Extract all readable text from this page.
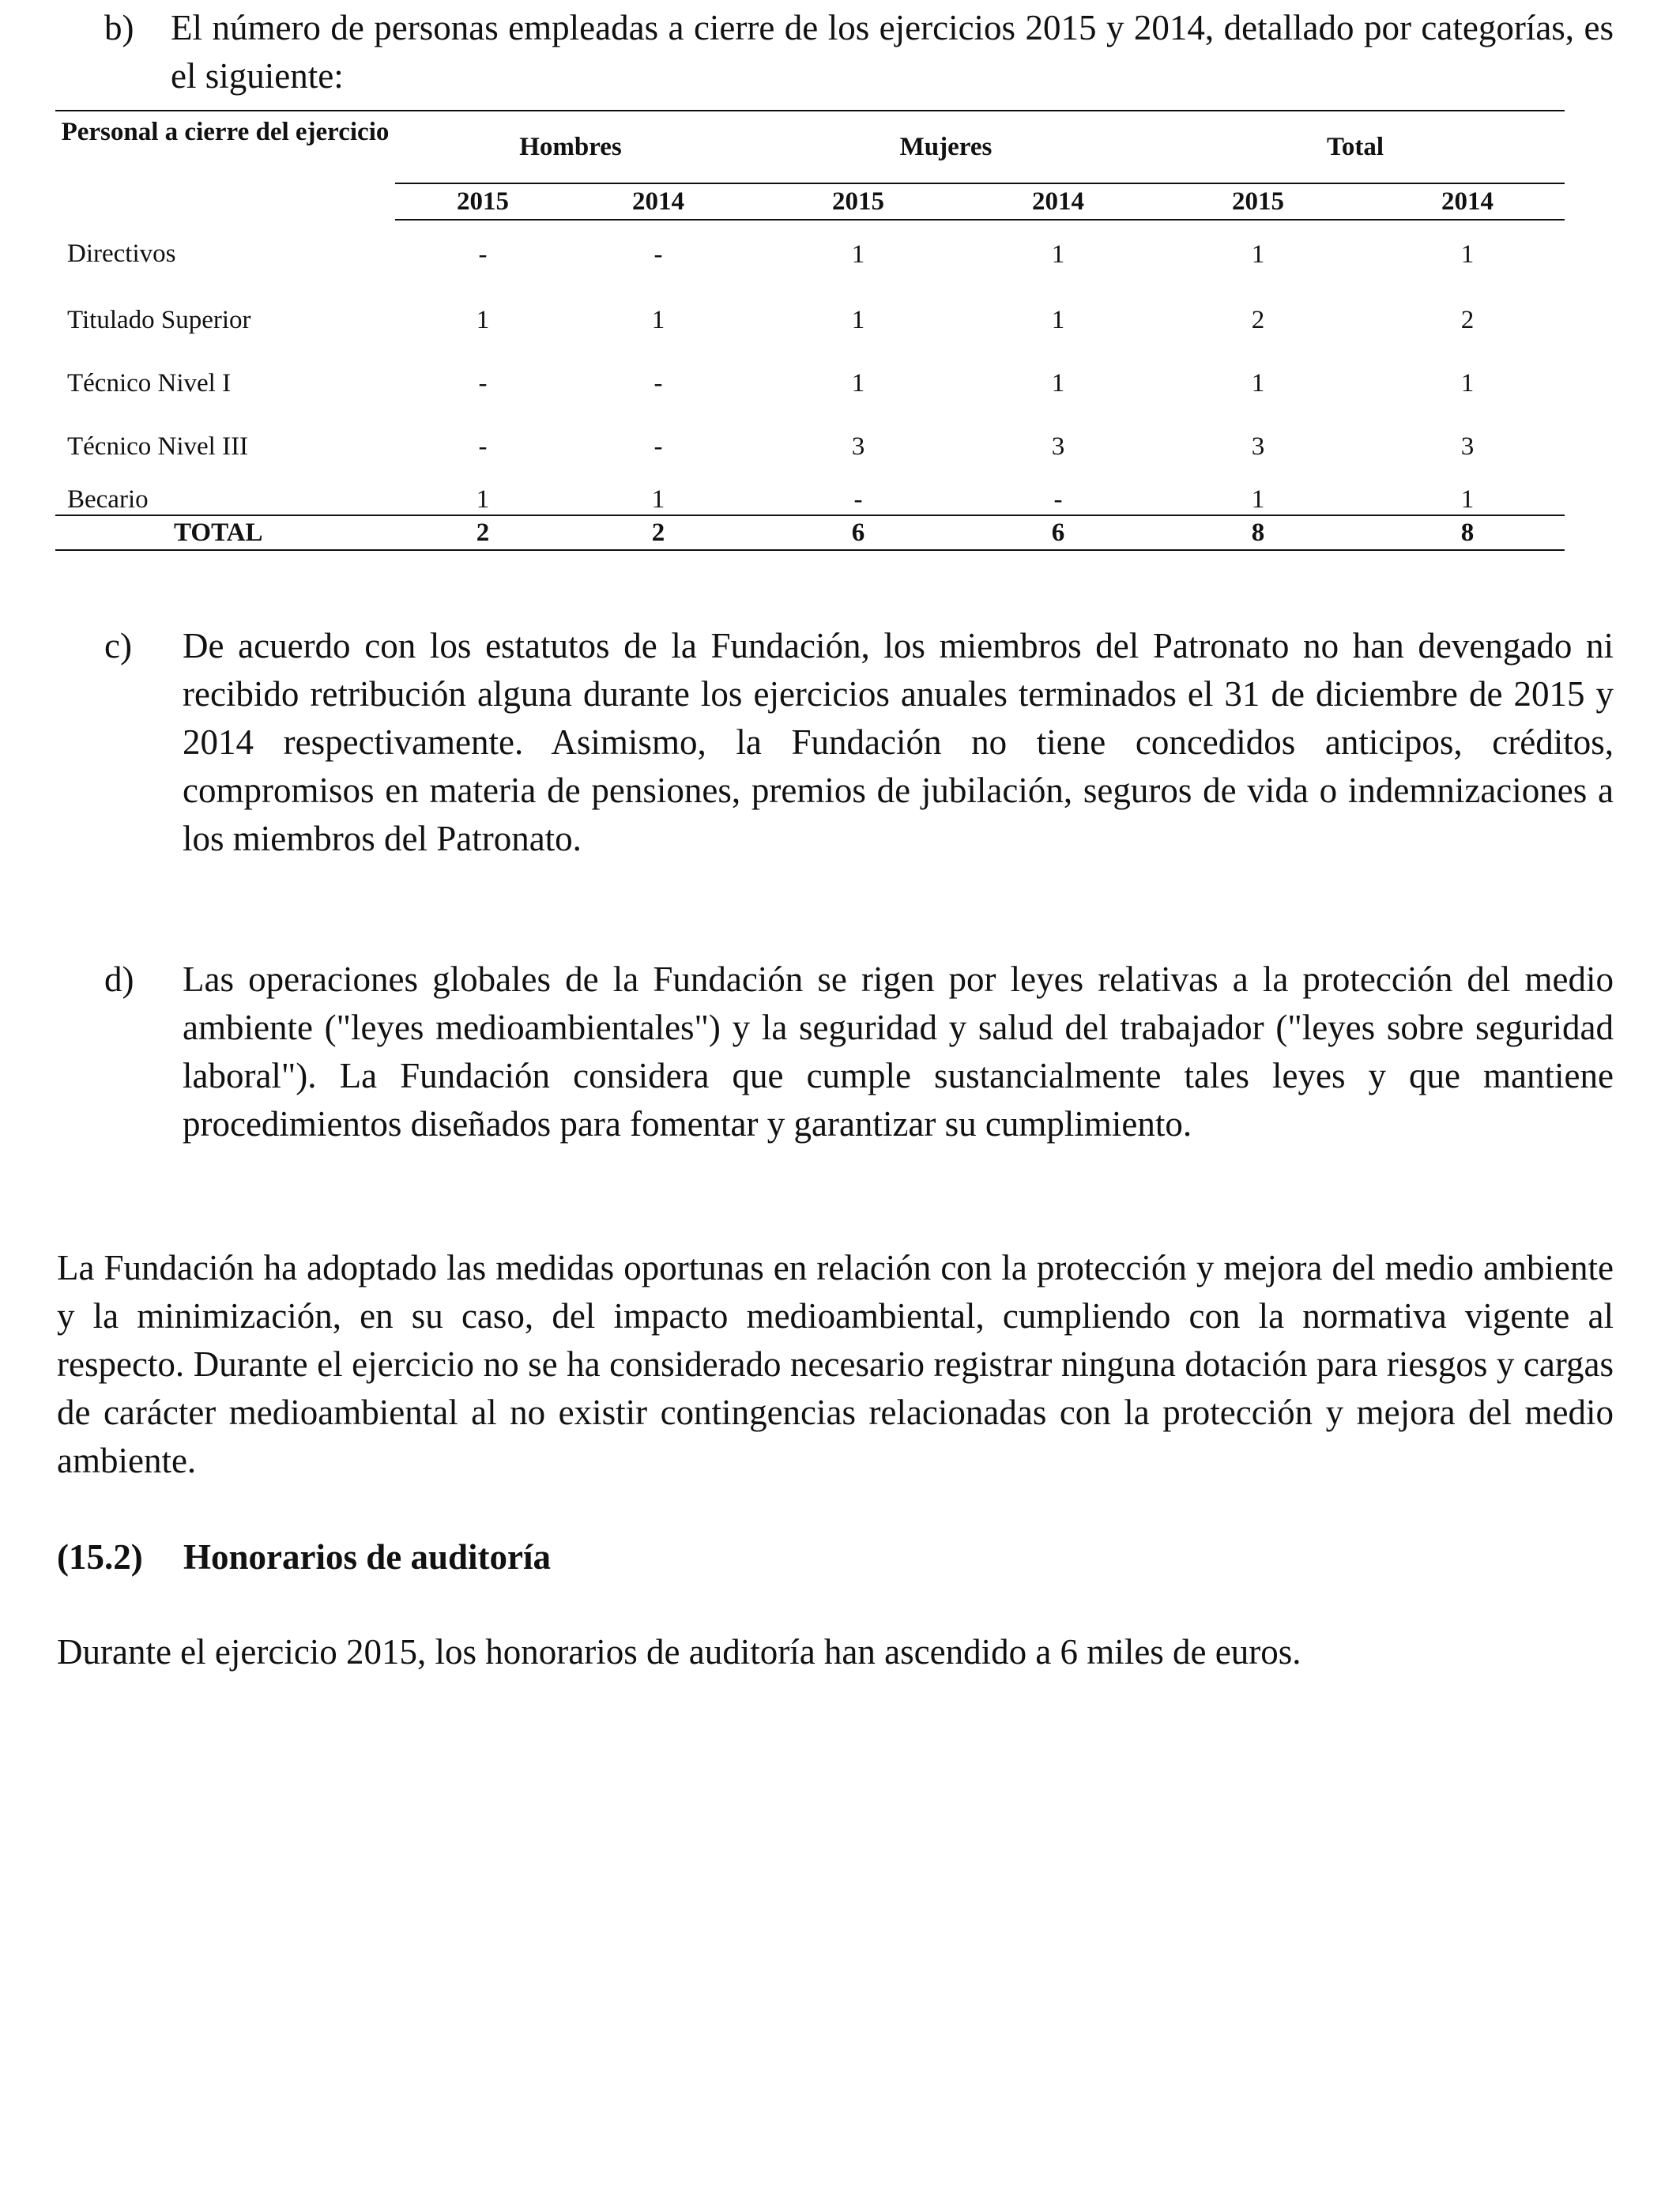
b) El número de personas empleadas a cierre de los ejercicios 2015 y 2014, detallado por categorías, es el siguiente:
Personal a cierre del ejercicio	Hombres		Mujeres		Total	
	2015	2014	2015	2014	2015	2014
Directivos	-	-	1	1	1	1
Titulado Superior	1	1	1	1	2	2
Técnico Nivel I	-	-	1	1	1	1
Técnico Nivel III	-	-	3	3	3	3
Becario	1	1	-	-	1	1
TOTAL	2	2	6	6	8	8
c) De acuerdo con los estatutos de la Fundación, los miembros del Patronato no han devengado ni recibido retribución alguna durante los ejercicios anuales terminados el 31 de diciembre de 2015 y 2014 respectivamente. Asimismo, la Fundación no tiene concedidos anticipos, créditos, compromisos en materia de pensiones, premios de jubilación, seguros de vida o indemnizaciones a los miembros del Patronato.
d) Las operaciones globales de la Fundación se rigen por leyes relativas a la protección del medio ambiente ("leyes medioambientales") y la seguridad y salud del trabajador ("leyes sobre seguridad laboral"). La Fundación considera que cumple sustancialmente tales leyes y que mantiene procedimientos diseñados para fomentar y garantizar su cumplimiento.
La Fundación ha adoptado las medidas oportunas en relación con la protección y mejora del medio ambiente y la minimización, en su caso, del impacto medioambiental, cumpliendo con la normativa vigente al respecto. Durante el ejercicio no se ha considerado necesario registrar ninguna dotación para riesgos y cargas de carácter medioambiental al no existir contingencias relacionadas con la protección y mejora del medio ambiente.
(15.2) Honorarios de auditoría
Durante el ejercicio 2015, los honorarios de auditoría han ascendido a 6 miles de euros.
